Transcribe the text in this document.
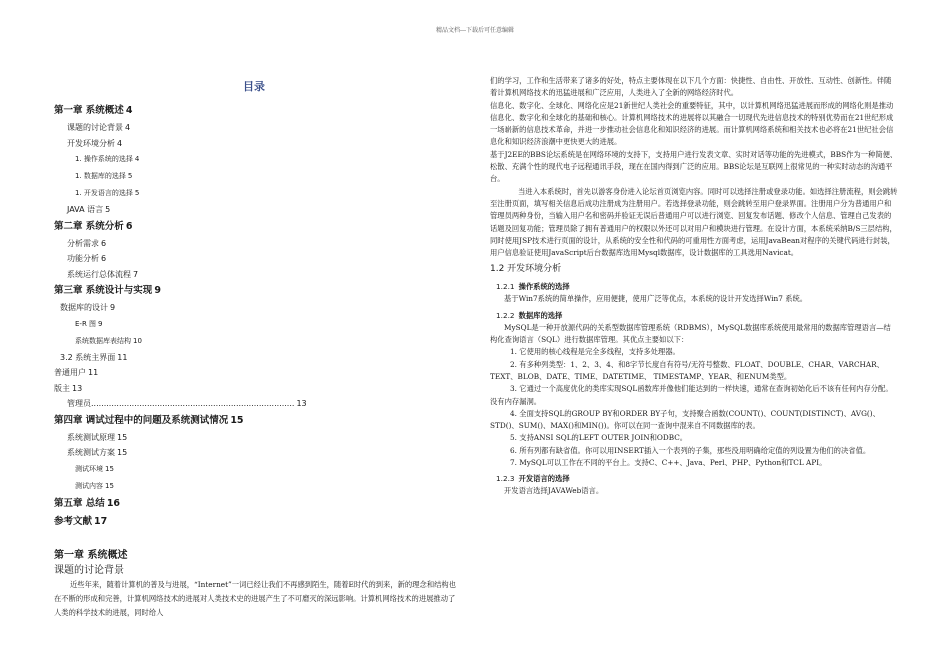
精品文档---下载后可任意编辑
目录
第一章 系统概述 4
课题的讨论背景 4
开发环境分析 4
1. 操作系统的选择 4
1. 数据库的选择 5
1. 开发语言的选择 5
JAVA 语言 5
第二章 系统分析 6
分析需求 6
功能分析 6
系统运行总体流程 7
第三章 系统设计与实现 9
数据库的设计 9
E-R 图 9
系统数据库表结构 10
3.2 系统主界面 11
普通用户 11
版主 13
管理员................................................................................ 13
第四章 调试过程中的问题及系统测试情况 15
系统测试原理 15
系统测试方案 15
测试环境 15
测试内容 15
第五章 总结 16
参考文献 17
第一章 系统概述
课题的讨论背景
近些年来，随着计算机的普及与进展，“Internet”一词已经让我们不再感到陌生，随着E时代的到来，新的理念和结构也在不断的形成和完善，计算机网络技术的进展对人类技术史的进展产生了不可磨灭的深远影响。计算机网络技术的进展推动了人类的科学技术的进展，同时给人

们的学习，工作和生活带来了诸多的好处，特点主要体现在以下几个方面：快捷性、自由性、开放性、互动性、创新性。伴随着计算机网络技术的迅猛进展和广泛应用，人类进入了全新的网络经济时代。

信息化、数字化、全球化、网络化应是21新世纪人类社会的重要特征，其中，以计算机网络迅猛进展而形成的网络化则是推动信息化、数字化和全球化的基础和核心。计算机网络技术的进展将以其融合一切现代先进信息技术的特别优势而在21世纪形成一场崭新的信息技术革命，并进一步推动社会信息化和知识经济的进展。而计算机网络系统和相关技术也必将在21世纪社会信息化和知识经济浪潮中更快更大的进展。

基于J2EE的BBS论坛系统是在网络环境的支持下，支持用户进行发表文章、实时对话等功能的先进模式，BBS作为一种简便、松散、充满个性的现代电子远程通讯手段，现在在国内得到广泛的应用。BBS论坛是互联网上很常见的一种实时动态的沟通平台。

当进入本系统时，首先以游客身份进入论坛首页浏览内容。同时可以选择注册或登录功能。如选择注册流程，则会跳转至注册页面，填写相关信息后成功注册成为注册用户。若选择登录功能，则会跳转至用户登录界面。注册用户分为普通用户和管理员两种身份，当输入用户名和密码并验证无误后普通用户可以进行浏览、回复发布话题、修改个人信息、管理自己发表的话题及回复功能；管理员除了拥有普通用户的权限以外还可以对用户和模块进行管理。在设计方面，本系统采纳B/S三层结构，同时使用JSP技术进行页面的设计，从系统的安全性和代码的可重用性方面考虑，运用JavaBean对程序的关键代码进行封装，用户信息验证使用JavaScript后台数据库选用Mysql数据库，设计数据库的工具选用Navicat。

1.2 开发环境分析
1.2.1 操作系统的选择

基于Win7系统的简单操作，应用便捷，使用广泛等优点，本系统的设计开发选择Win7 系统。

1.2.2 数据库的选择

MySQL是一种开放源代码的关系型数据库管理系统（RDBMS），MySQL数据库系统使用最常用的数据库管理语言—结构化查询语言（SQL）进行数据库管理。其优点主要如以下：

1. 它使用的核心线程是完全多线程，支持多处理器。

2. 有多种列类型：1、2、3、4、和8字节长度自有符号/无符号整数、FLOAT、DOUBLE、CHAR、VARCHAR、TEXT、BLOB、DATE、TIME、DATETIME、 TIMESTAMP、YEAR、和ENUM类型。

3. 它通过一个高度优化的类库实现SQL函数库并像他们能达到的一样快速，通常在查询初始化后不该有任何内存分配。没有内存漏洞。

4. 全面支持SQL的GROUP BY和ORDER BY子句，支持聚合函数(COUNT()、COUNT(DISTINCT)、AVG()、STD()、SUM()、MAX()和MIN())。你可以在同一查询中混来自不同数据库的表。

5. 支持ANSI SQL的LEFT OUTER JOIN和ODBC。

6. 所有列都有缺省值。你可以用INSERT插入一个表列的子集，那些没用明确给定值的列设置为他们的决省值。

7. MySQL可以工作在不同的平台上。支持C、C++、Java、Perl、PHP、Python和TCL API。

1.2.3 开发语言的选择

开发语言选择JAVAWeb语言。
